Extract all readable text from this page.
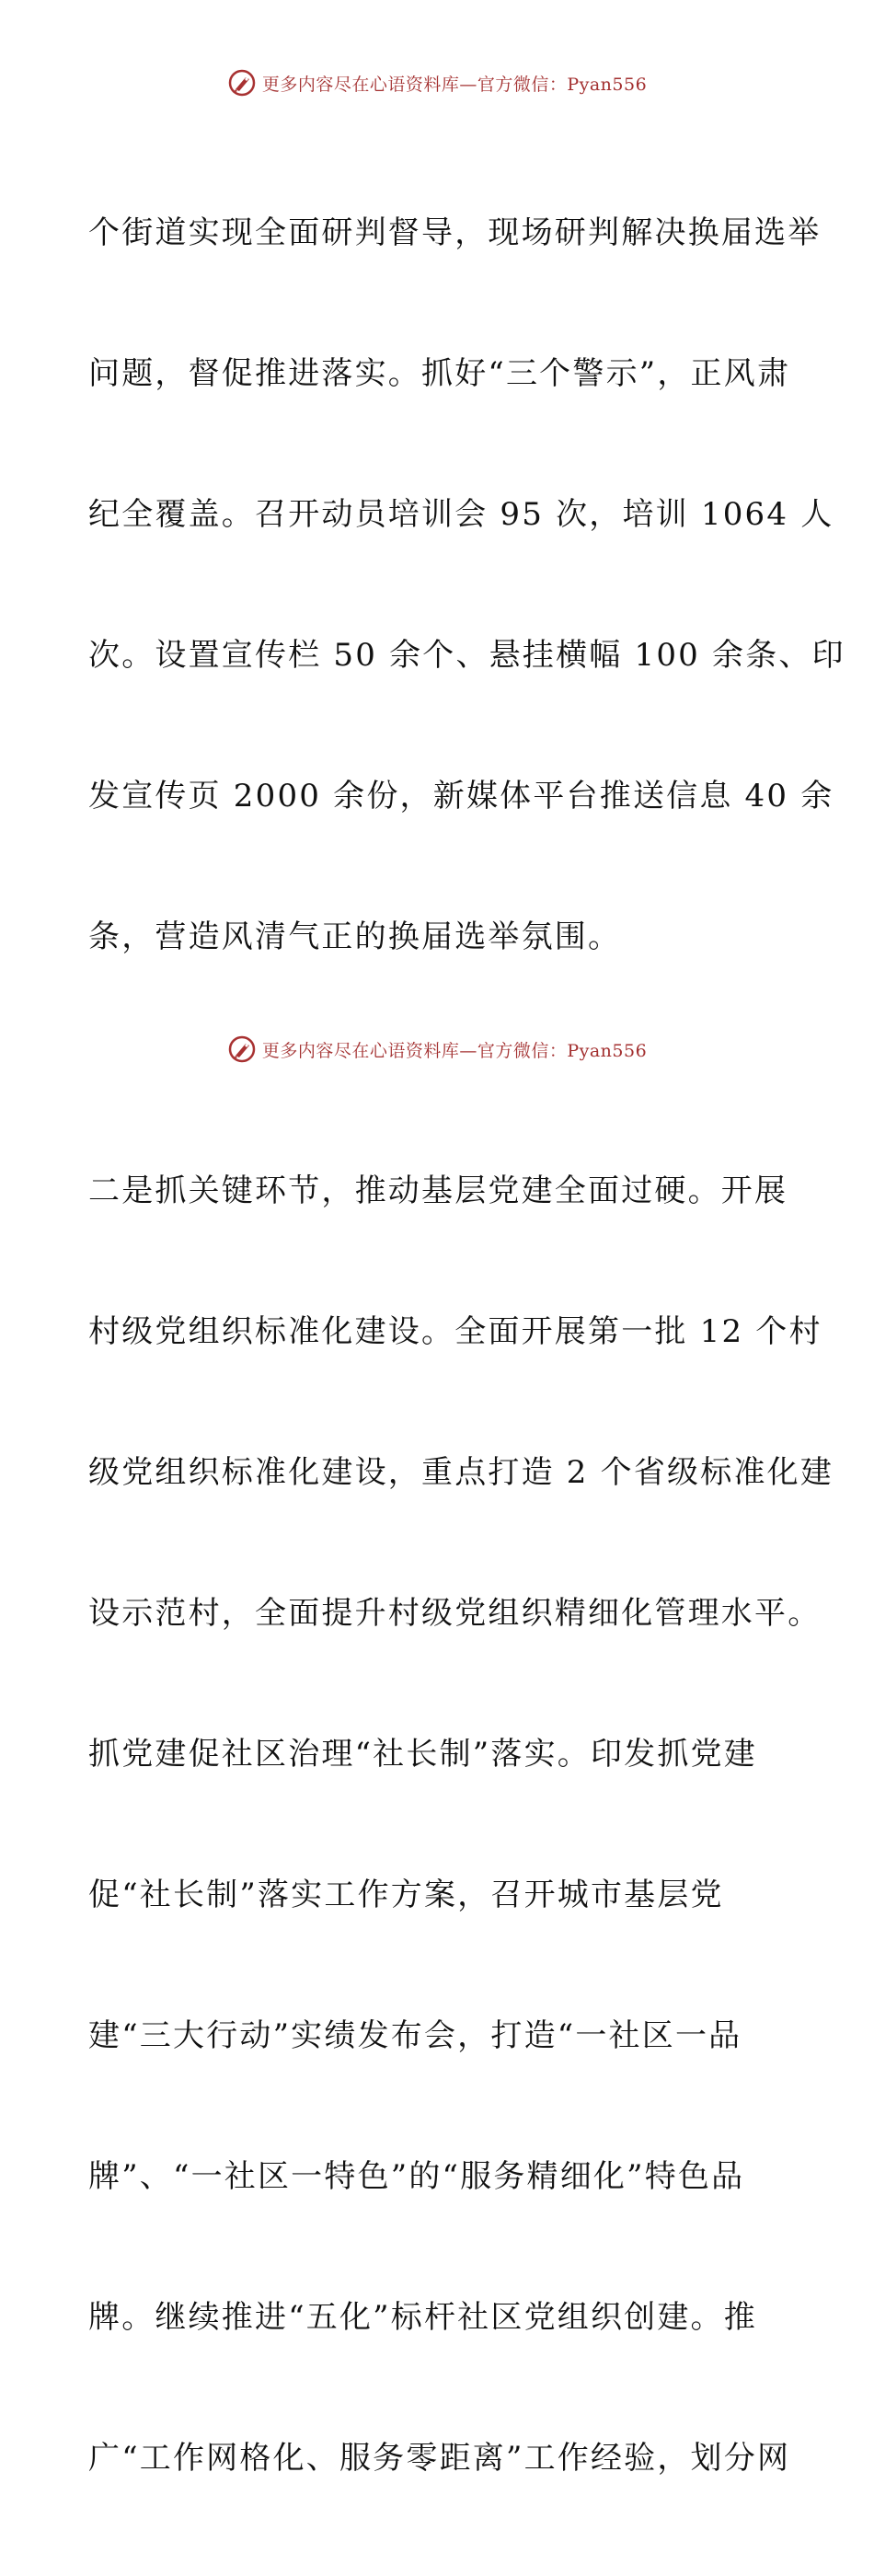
更多内容尽在心语资料库—官方微信：Pyan556

个街道实现全面研判督导，现场研判解决换届选举

问题，督促推进落实。抓好“三个警示”，正风肃

纪全覆盖。召开动员培训会 95 次，培训 1064 人

次。设置宣传栏 50 余个、悬挂横幅 100 余条、印

发宣传页 2000 余份，新媒体平台推送信息 40 余

条，营造风清气正的换届选举氛围。

二是抓关键环节，推动基层党建全面过硬。开展

村级党组织标准化建设。全面开展第一批 12 个村

级党组织标准化建设，重点打造 2 个省级标准化建

设示范村，全面提升村级党组织精细化管理水平。

抓党建促社区治理“社长制”落实。印发抓党建

促“社长制”落实工作方案，召开城市基层党

建“三大行动”实绩发布会，打造“一社区一品

牌”、“一社区一特色”的“服务精细化”特色品

牌。继续推进“五化”标杆社区党组织创建。推

广“工作网格化、服务零距离”工作经验，划分网

更多内容尽在心语资料库—官方微信：Pyan556
